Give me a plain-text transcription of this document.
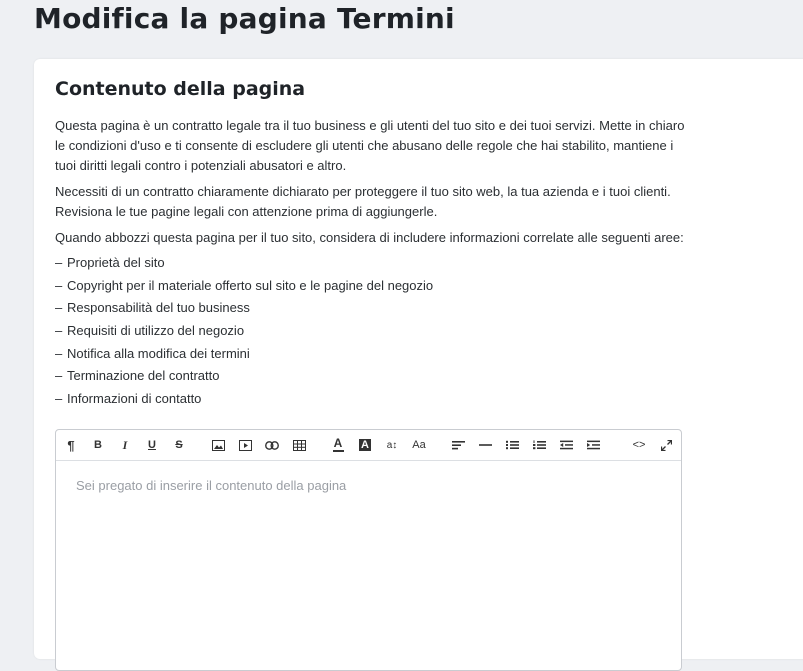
Modifica la pagina Termini
Contenuto della pagina

Questa pagina è un contratto legale tra il tuo business e gli utenti del tuo sito e dei tuoi servizi. Mette in chiaro le condizioni d'uso e ti consente di escludere gli utenti che abusano delle regole che hai stabilito, mantiene i tuoi diritti legali contro i potenziali abusatori e altro.

Necessiti di un contratto chiaramente dichiarato per proteggere il tuo sito web, la tua azienda e i tuoi clienti. Revisiona le tue pagine legali con attenzione prima di aggiungerle.

Quando abbozzi questa pagina per il tuo sito, considera di includere informazioni correlate alle seguenti aree:

– Proprietà del sito
– Copyright per il materiale offerto sul sito e le pagine del negozio
– Responsabilità del tuo business
– Requisiti di utilizzo del negozio
– Notifica alla modifica dei termini
– Terminazione del contratto
– Informazioni di contatto
¶ B I U S	A A a↕ Aa	<>
Sei pregato di inserire il contenuto della pagina
